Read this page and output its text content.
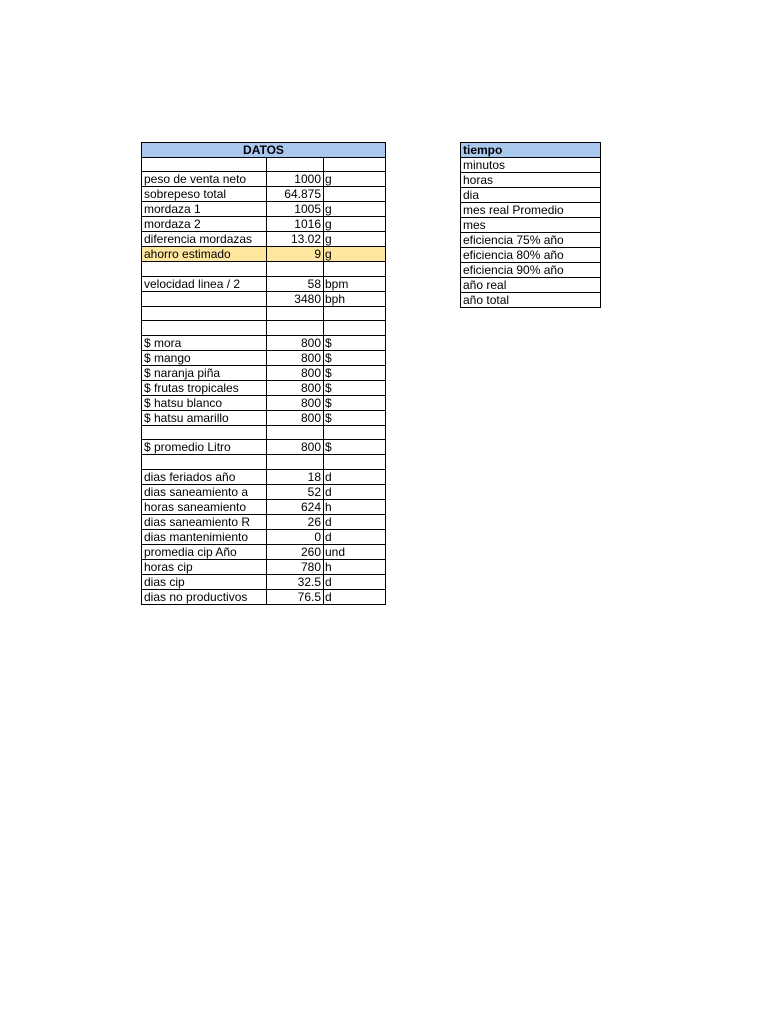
DATOS		

peso de venta neto	1000	g
sobrepeso total	64.875	
mordaza 1	1005	g
mordaza 2	1016	g
diferencia mordazas	13.02	g
ahorro estimado	9	g

velocidad linea / 2	58	bpm
	3480	bph

$ mora	800	$
$ mango	800	$
$ naranja piña	800	$
$ frutas tropicales	800	$
$ hatsu blanco	800	$
$ hatsu amarillo	800	$

$ promedio Litro	800	$

dias feriados año	18	d
dias saneamiento a	52	d
horas saneamiento	624	h
dias saneamiento R	26	d
dias mantenimiento	0	d
promedia cip Año	260	und
horas cip	780	h
dias cip	32.5	d
dias no productivos	76.5	d
tiempo
minutos
horas
dia
mes real Promedio
mes
eficiencia 75% año
eficiencia 80% año
eficiencia 90% año
año real
año total
